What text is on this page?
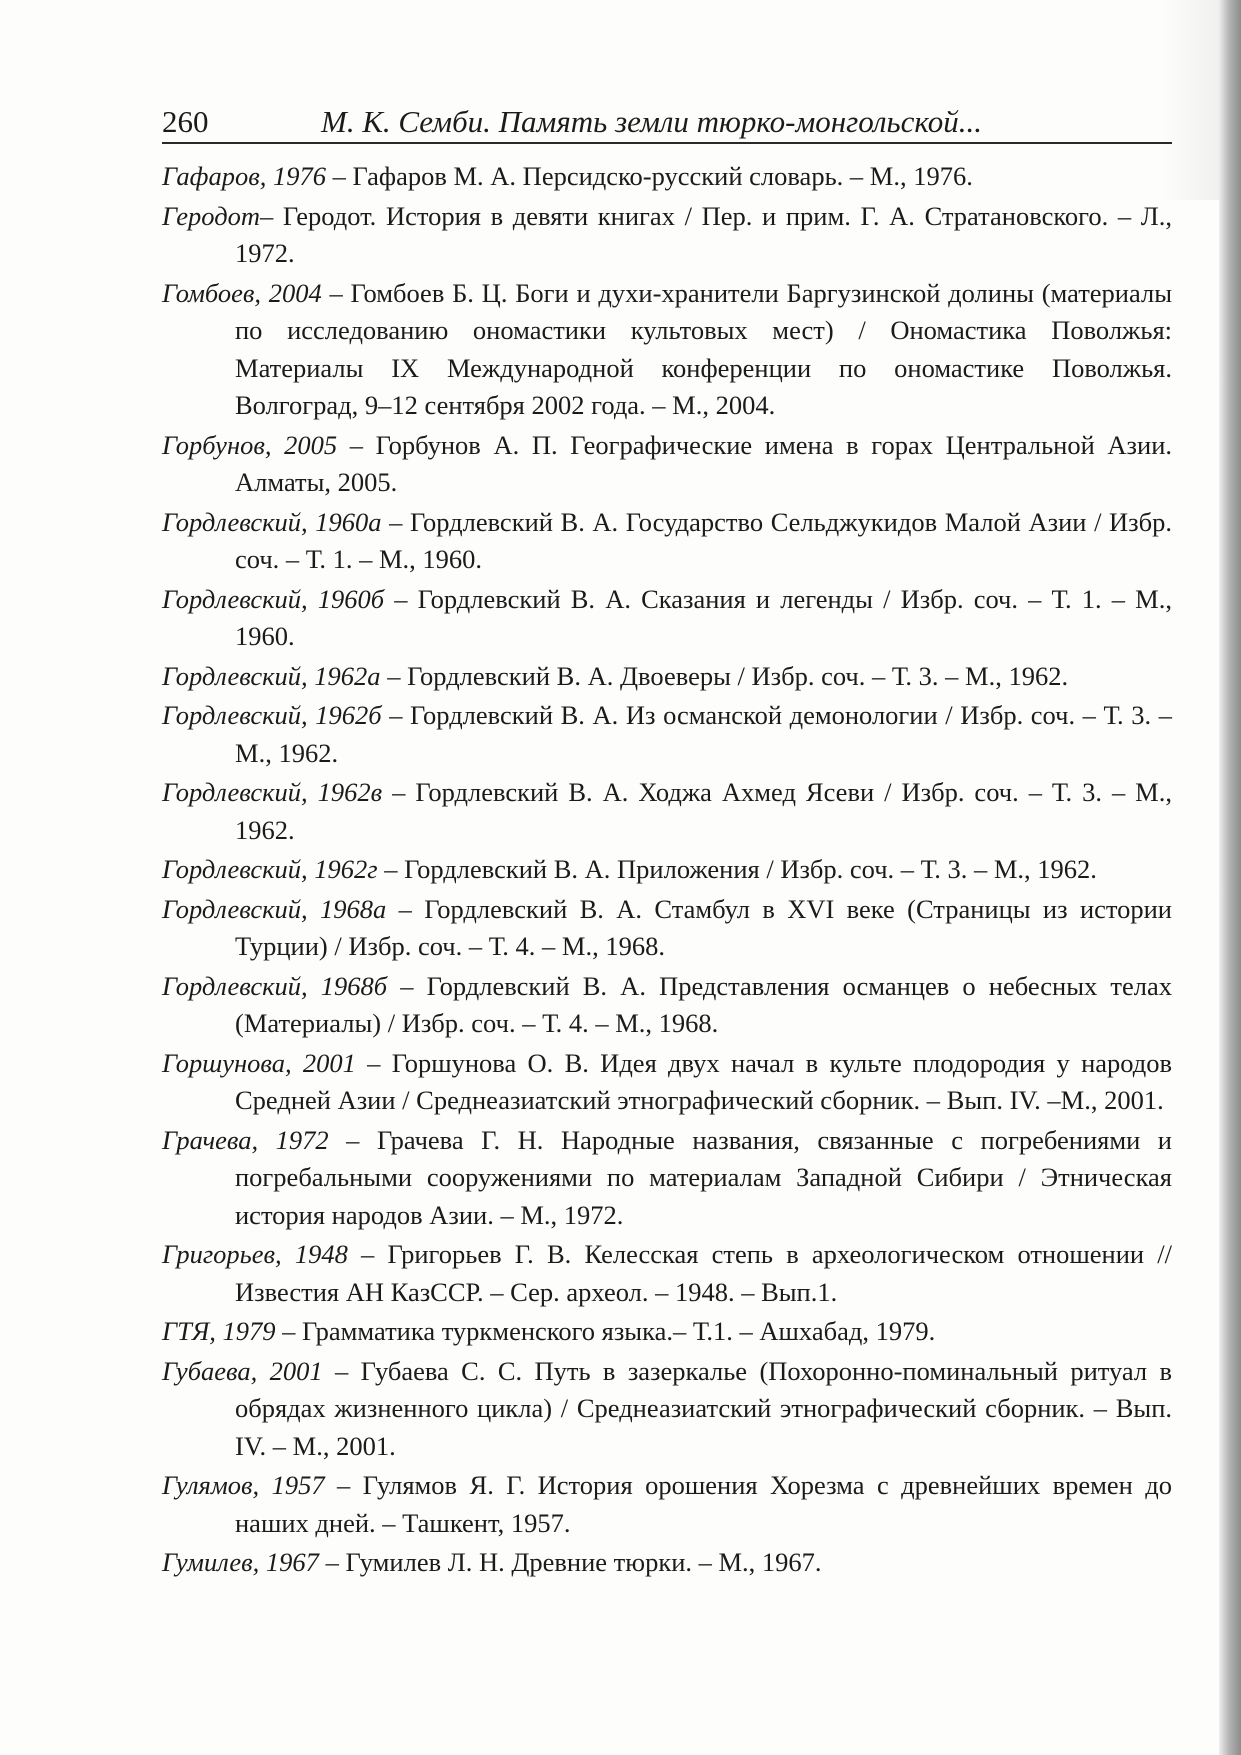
260	М. К. Семби. Память земли тюрко-монгольской...

Гафаров, 1976 – Гафаров М. А. Персидско-русский словарь. – М., 1976.

Геродот– Геродот. История в девяти книгах / Пер. и прим. Г. А. Стратановского. – Л., 1972.

Гомбоев, 2004 – Гомбоев Б. Ц. Боги и духи-хранители Баргузинской долины (материалы по исследованию ономастики культовых мест) / Ономастика Поволжья: Материалы IX Международной конференции по ономастике Поволжья. Волгоград, 9–12 сентября 2002 года. – М., 2004.

Горбунов, 2005 – Горбунов А. П. Географические имена в горах Центральной Азии. Алматы, 2005.

Гордлевский, 1960а – Гордлевский В. А. Государство Сельджукидов Малой Азии / Избр. соч. – Т. 1. – М., 1960.

Гордлевский, 1960б – Гордлевский В. А. Сказания и легенды / Избр. соч. – Т. 1. – М., 1960.

Гордлевский, 1962а – Гордлевский В. А. Двоеверы / Избр. соч. – Т. 3. – М., 1962.

Гордлевский, 1962б – Гордлевский В. А. Из османской демонологии / Избр. соч. – Т. 3. – М., 1962.

Гордлевский, 1962в – Гордлевский В. А. Ходжа Ахмед Ясеви / Избр. соч. – Т. 3. – М., 1962.

Гордлевский, 1962г – Гордлевский В. А. Приложения / Избр. соч. – Т. 3. – М., 1962.

Гордлевский, 1968а – Гордлевский В. А. Стамбул в XVI веке (Страницы из истории Турции) / Избр. соч. – Т. 4. – М., 1968.

Гордлевский, 1968б – Гордлевский В. А. Представления османцев о небесных телах (Материалы) / Избр. соч. – Т. 4. – М., 1968.

Горшунова, 2001 – Горшунова О. В. Идея двух начал в культе плодородия у народов Средней Азии / Среднеазиатский этнографический сборник. – Вып. IV. –М., 2001.

Грачева, 1972 – Грачева Г. Н. Народные названия, связанные с погребениями и погребальными сооружениями по материалам Западной Сибири / Этническая история народов Азии. – М., 1972.

Григорьев, 1948 – Григорьев Г. В. Келесская степь в археологическом отношении // Известия АН КазССР. – Сер. археол. – 1948. – Вып.1.

ГТЯ, 1979 – Грамматика туркменского языка.– Т.1. – Ашхабад, 1979.

Губаева, 2001 – Губаева С. С. Путь в зазеркалье (Похоронно-поминальный ритуал в обрядах жизненного цикла) / Среднеазиатский этнографический сборник. – Вып. IV. – М., 2001.

Гулямов, 1957 – Гулямов Я. Г. История орошения Хорезма с древнейших времен до наших дней. – Ташкент, 1957.

Гумилев, 1967 – Гумилев Л. Н. Древние тюрки. – М., 1967.
